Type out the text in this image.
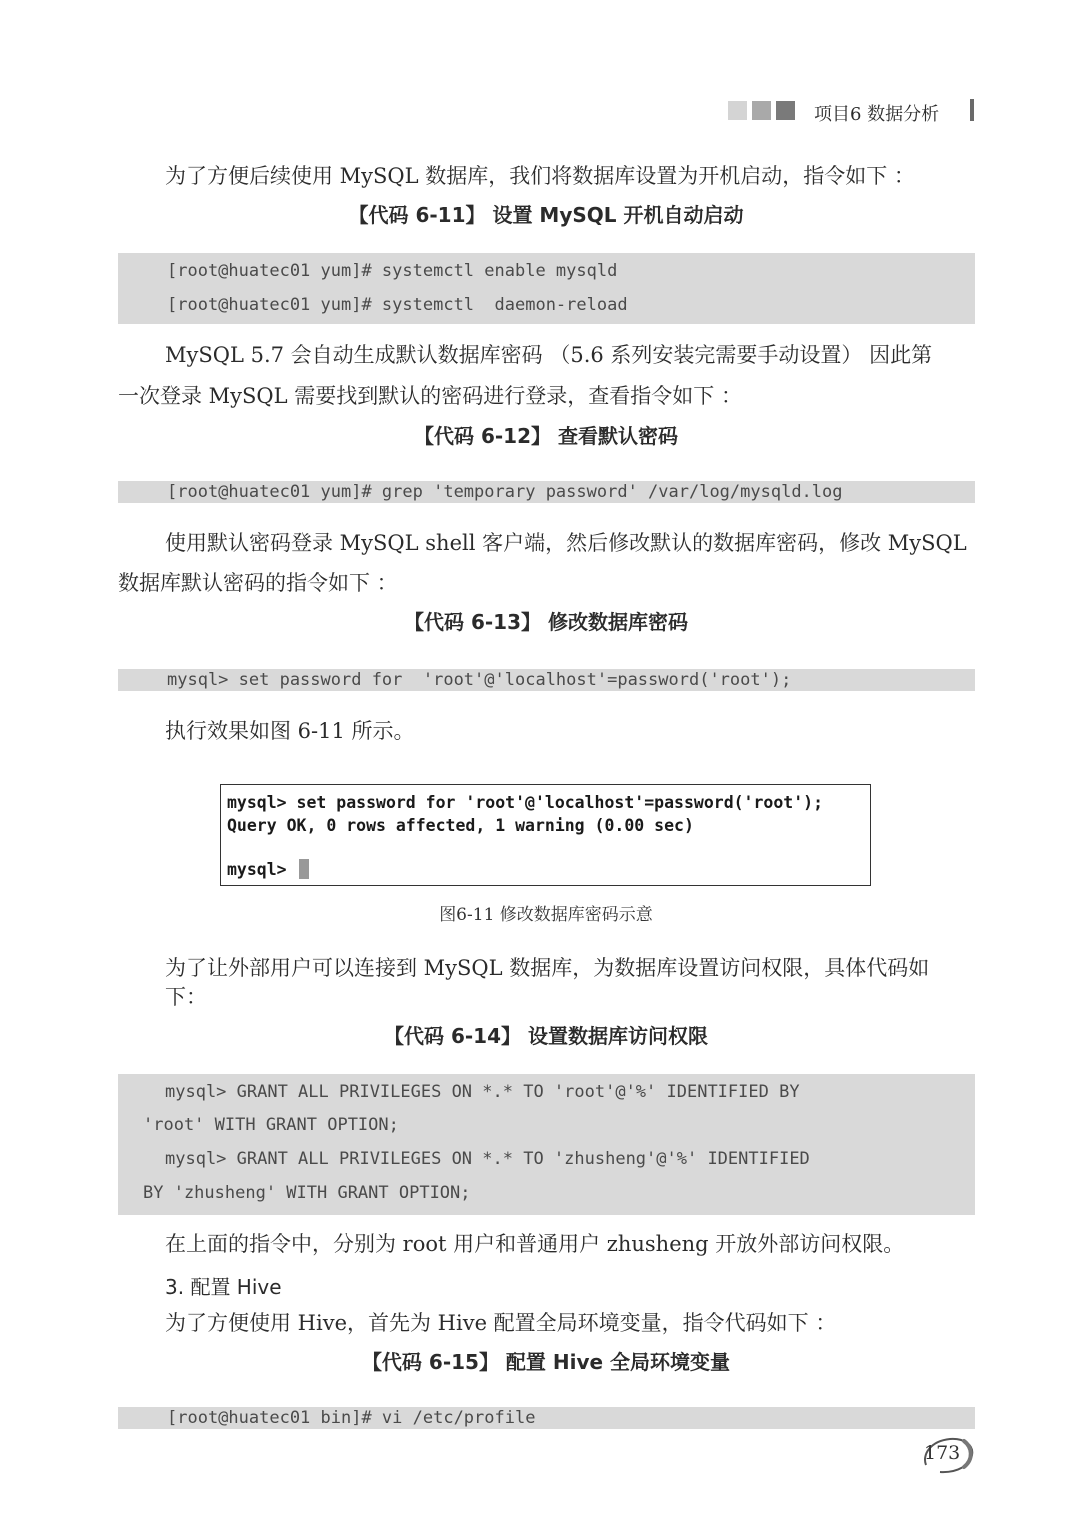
项目6 数据分析
为了方便后续使用 MySQL 数据库，我们将数据库设置为开机启动，指令如下 ：
【代码 6-11】 设置 MySQL 开机自动启动
[root@huatec01 yum]# systemctl enable mysqld
[root@huatec01 yum]# systemctl  daemon-reload
MySQL 5.7 会自动生成默认数据库密码 （5.6 系列安装完需要手动设置） 因此第
一次登录 MySQL 需要找到默认的密码进行登录，查看指令如下 ：
【代码 6-12】 查看默认密码
[root@huatec01 yum]# grep 'temporary password' /var/log/mysqld.log
使用默认密码登录 MySQL shell 客户端，然后修改默认的数据库密码，修改 MySQL
数据库默认密码的指令如下 ：
【代码 6-13】 修改数据库密码
mysql> set password for  'root'@'localhost'=password('root');
执行效果如图 6-11 所示。
mysql> set password for 'root'@'localhost'=password('root');
Query OK, 0 rows affected, 1 warning (0.00 sec)
mysql>
图6-11 修改数据库密码示意
为了让外部用户可以连接到 MySQL 数据库，为数据库设置访问权限，具体代码如
下：
【代码 6-14】 设置数据库访问权限
mysql> GRANT ALL PRIVILEGES ON *.* TO 'root'@'%' IDENTIFIED BY
'root' WITH GRANT OPTION;
mysql> GRANT ALL PRIVILEGES ON *.* TO 'zhusheng'@'%' IDENTIFIED
BY 'zhusheng' WITH GRANT OPTION;
在上面的指令中，分别为 root 用户和普通用户 zhusheng 开放外部访问权限。
3. 配置 Hive
为了方便使用 Hive，首先为 Hive 配置全局环境变量，指令代码如下 ：
【代码 6-15】 配置 Hive 全局环境变量
[root@huatec01 bin]# vi /etc/profile
173
